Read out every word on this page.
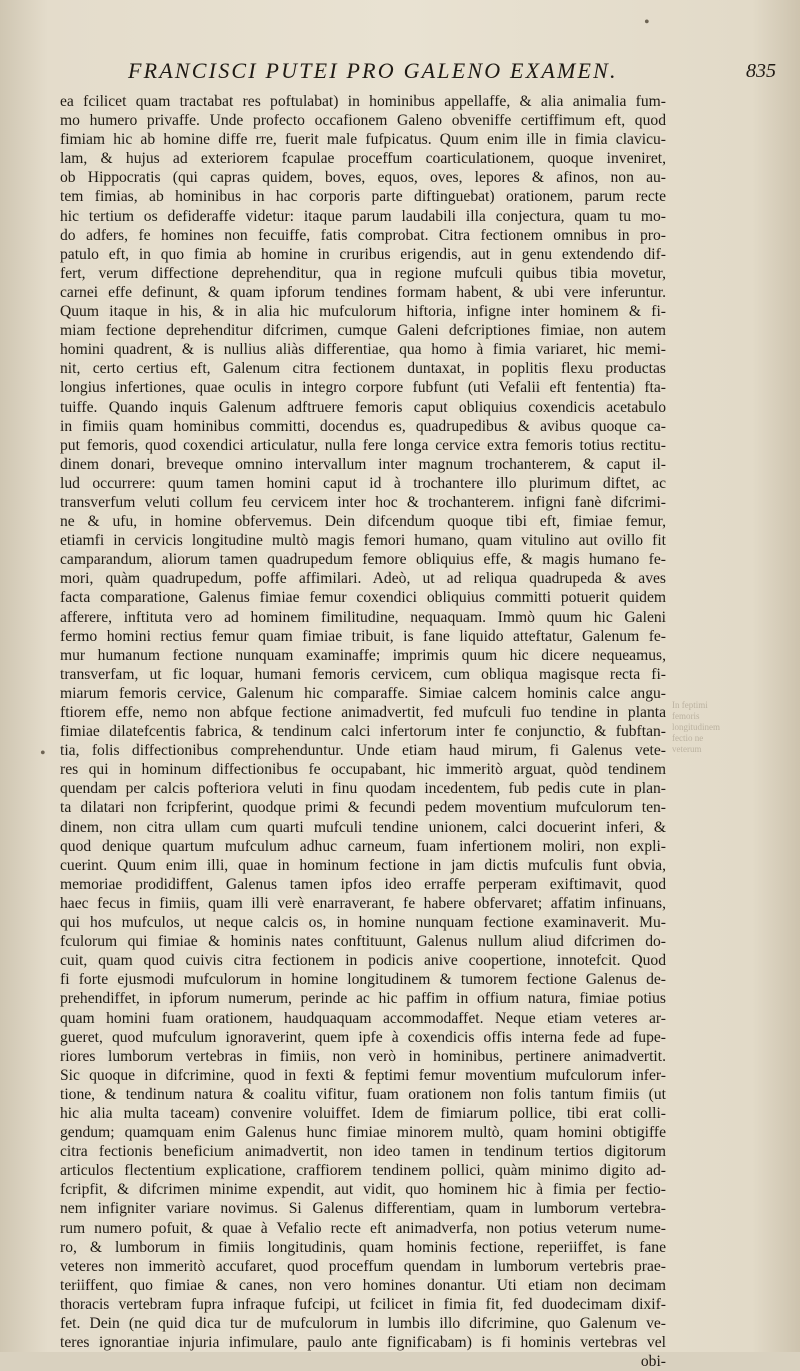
•
•
FRANCISCI PUTEI PRO GALENO EXAMEN.	835
ea fcilicet quam tractabat res poftulabat) in hominibus appellaffe, & alia animalia fum-
mo humero privaffe. Unde profecto occafionem Galeno obveniffe certiffimum eft, quod
fimiam hic ab homine diffe rre, fuerit male fufpicatus. Quum enim ille in fimia clavicu-
lam, & hujus ad exteriorem fcapulae proceffum coarticulationem, quoque inveniret,
ob Hippocratis (qui capras quidem, boves, equos, oves, lepores & afinos, non au-
tem fimias, ab hominibus in hac corporis parte diftinguebat) orationem, parum recte
hic tertium os defideraffe videtur: itaque parum laudabili illa conjectura, quam tu mo-
do adfers, fe homines non fecuiffe, fatis comprobat. Citra fectionem omnibus in pro-
patulo eft, in quo fimia ab homine in cruribus erigendis, aut in genu extendendo dif-
fert, verum diffectione deprehenditur, qua in regione mufculi quibus tibia movetur,
carnei effe definunt, & quam ipforum tendines formam habent, & ubi vere inferuntur.
Quum itaque in his, & in alia hic mufculorum hiftoria, infigne inter hominem & fi-
miam fectione deprehenditur difcrimen, cumque Galeni defcriptiones fimiae, non autem
homini quadrent, & is nullius aliàs differentiae, qua homo à fimia variaret, hic memi-
nit, certo certius eft, Galenum citra fectionem duntaxat, in poplitis flexu productas
longius infertiones, quae oculis in integro corpore fubfunt (uti Vefalii eft fententia) fta-
tuiffe. Quando inquis Galenum adftruere femoris caput obliquius coxendicis acetabulo
in fimiis quam hominibus committi, docendus es, quadrupedibus & avibus quoque ca-
put femoris, quod coxendici articulatur, nulla fere longa cervice extra femoris totius rectitu-
dinem donari, breveque omnino intervallum inter magnum trochanterem, & caput il-
lud occurrere: quum tamen homini caput id à trochantere illo plurimum diftet, ac
transverfum veluti collum feu cervicem inter hoc & trochanterem. infigni fanè difcrimi-
ne & ufu, in homine obfervemus. Dein difcendum quoque tibi eft, fimiae femur,
etiamfi in cervicis longitudine multò magis femori humano, quam vitulino aut ovillo fit
camparandum, aliorum tamen quadrupedum femore obliquius effe, & magis humano fe-
mori, quàm quadrupedum, poffe affimilari. Adeò, ut ad reliqua quadrupeda & aves
facta comparatione, Galenus fimiae femur coxendici obliquius committi potuerit quidem
afferere, inftituta vero ad hominem fimilitudine, nequaquam. Immò quum hic Galeni
fermo homini rectius femur quam fimiae tribuit, is fane liquido atteftatur, Galenum fe-
mur humanum fectione nunquam examinaffe; imprimis quum hic dicere nequeamus,
transverfam, ut fic loquar, humani femoris cervicem, cum obliqua magisque recta fi-
miarum femoris cervice, Galenum hic comparaffe. Simiae calcem hominis calce angu-
ftiorem effe, nemo non abfque fectione animadvertit, fed mufculi fuo tendine in planta
fimiae dilatefcentis fabrica, & tendinum calci infertorum inter fe conjunctio, & fubftan-
tia, folis diffectionibus comprehenduntur. Unde etiam haud mirum, fi Galenus vete-
res qui in hominum diffectionibus fe occupabant, hic immeritò arguat, quòd tendinem
quendam per calcis pofteriora veluti in finu quodam incedentem, fub pedis cute in plan-
ta dilatari non fcripferint, quodque primi & fecundi pedem moventium mufculorum ten-
dinem, non citra ullam cum quarti mufculi tendine unionem, calci docuerint inferi, &
quod denique quartum mufculum adhuc carneum, fuam infertionem moliri, non expli-
cuerint. Quum enim illi, quae in hominum fectione in jam dictis mufculis funt obvia,
memoriae prodidiffent, Galenus tamen ipfos ideo erraffe perperam exiftimavit, quod
haec fecus in fimiis, quam illi verè enarraverant, fe habere obfervaret; affatim infinuans,
qui hos mufculos, ut neque calcis os, in homine nunquam fectione examinaverit. Mu-
fculorum qui fimiae & hominis nates conftituunt, Galenus nullum aliud difcrimen do-
cuit, quam quod cuivis citra fectionem in podicis anive coopertione, innotefcit. Quod
fi forte ejusmodi mufculorum in homine longitudinem & tumorem fectione Galenus de-
prehendiffet, in ipforum numerum, perinde ac hic paffim in offium natura, fimiae potius
quam homini fuam orationem, haudquaquam accommodaffet. Neque etiam veteres ar-
gueret, quod mufculum ignoraverint, quem ipfe à coxendicis offis interna fede ad fupe-
riores lumborum vertebras in fimiis, non verò in hominibus, pertinere animadvertit.
Sic quoque in difcrimine, quod in fexti & feptimi femur moventium mufculorum infer-
tione, & tendinum natura & coalitu vifitur, fuam orationem non folis tantum fimiis (ut
hic alia multa taceam) convenire voluiffet. Idem de fimiarum pollice, tibi erat colli-
gendum; quamquam enim Galenus hunc fimiae minorem multò, quam homini obtigiffe
citra fectionis beneficium animadvertit, non ideo tamen in tendinum tertios digitorum
articulos flectentium explicatione, craffiorem tendinem pollici, quàm minimo digito ad-
fcripfit, & difcrimen minime expendit, aut vidit, quo hominem hic à fimia per fectio-
nem infigniter variare novimus. Si Galenus differentiam, quam in lumborum vertebra-
rum numero pofuit, & quae à Vefalio recte eft animadverfa, non potius veterum nume-
ro, & lumborum in fimiis longitudinis, quam hominis fectione, reperiiffet, is fane
veteres non immeritò accufaret, quod proceffum quendam in lumborum vertebris prae-
teriiffent, quo fimiae & canes, non vero homines donantur. Uti etiam non decimam
thoracis vertebram fupra infraque fufcipi, ut fcilicet in fimia fit, fed duodecimam dixif-
fet. Dein (ne quid dica tur de mufculorum in lumbis illo difcrimine, quo Galenum ve-
teres ignorantiae injuria infimulare, paulo ante fignificabam) is fi hominis vertebras vel
obi-
In feptimi
femoris
longitudinem
fectio ne
veterum
